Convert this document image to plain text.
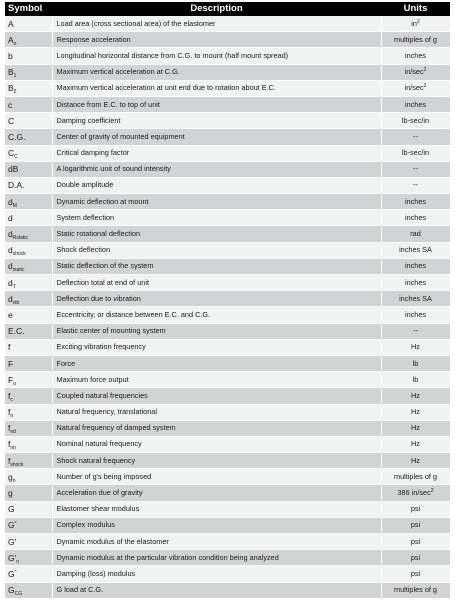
Symbol	Description	Units
A	Load area (cross sectional area) of the elastomer	$in^2$
$A_o$	Response acceleration	multiples of g
b	Longitudinal horizontal distance from C.G. to mount (half mount spread)	inches
$B_1$	Maximum vertical acceleration at C.G.	$in/\sec^2$
$B_2$	Maximum vertical acceleration at unit end due to rotation about E.C.	$in/\sec^2$
c	Distance from E.C. to top of unit	inches
C	Damping coefficient	lb-sec/in
C.G.	Center of gravity of mounted equipment	--
$C_C$	Critical damping factor	lb-sec/in
dB	A logarithmic unit of sound intensity	--
D.A.	Double amplitude	--
$d_M$	Dynamic deflection at mount	inches
d	System deflection	inches
$d_{Rstatic}$	Static rotational deflection	rad
$d_{shock}$	Shock deflection	inches SA
$d_{static}$	Static deflection of the system	inches
$d_T$	Deflection total at end of unit	inches
$d_{vib}$	Deflection due to vibration	inches SA
e	Eccentricity, or distance between E.C. and C.G.	inches
E.C.	Elastic center of mounting system	--
f	Exciting vibration frequency	Hz
F	Force	lb
$F_o$	Maximum force output	lb
$f_c$	Coupled natural frequencies	Hz
$f_n$	Natural frequency, translational	Hz
$f_{nd}$	Natural frequency of damped system	Hz
$f_{nn}$	Nominal natural frequency	Hz
$f_{shock}$	Shock natural frequency	Hz
$g_n$	Number of g's being imposed	multiples of g
g	Acceleration due of gravity	386 $in/\sec^2$
G	Elastomer shear modulus	psi
G*	Complex modulus	psi
G'	Dynamic modulus of the elastomer	psi
$G'_n$	Dynamic modulus at the particular vibration condition being analyzed	psi
G"	Damping (loss) modulus	psi
$G_{CG}$	G load at C.G.	multiples of g
